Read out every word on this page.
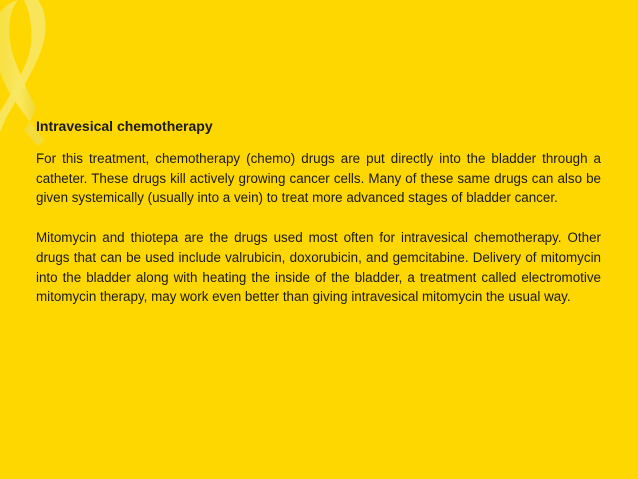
Intravesical chemotherapy

For this treatment, chemotherapy (chemo) drugs are put directly into the bladder through a catheter. These drugs kill actively growing cancer cells. Many of these same drugs can also be given systemically (usually into a vein) to treat more advanced stages of bladder cancer.

Mitomycin and thiotepa are the drugs used most often for intravesical chemotherapy. Other drugs that can be used include valrubicin, doxorubicin, and gemcitabine. Delivery of mitomycin into the bladder along with heating the inside of the bladder, a treatment called electromotive mitomycin therapy, may work even better than giving intravesical mitomycin the usual way.
